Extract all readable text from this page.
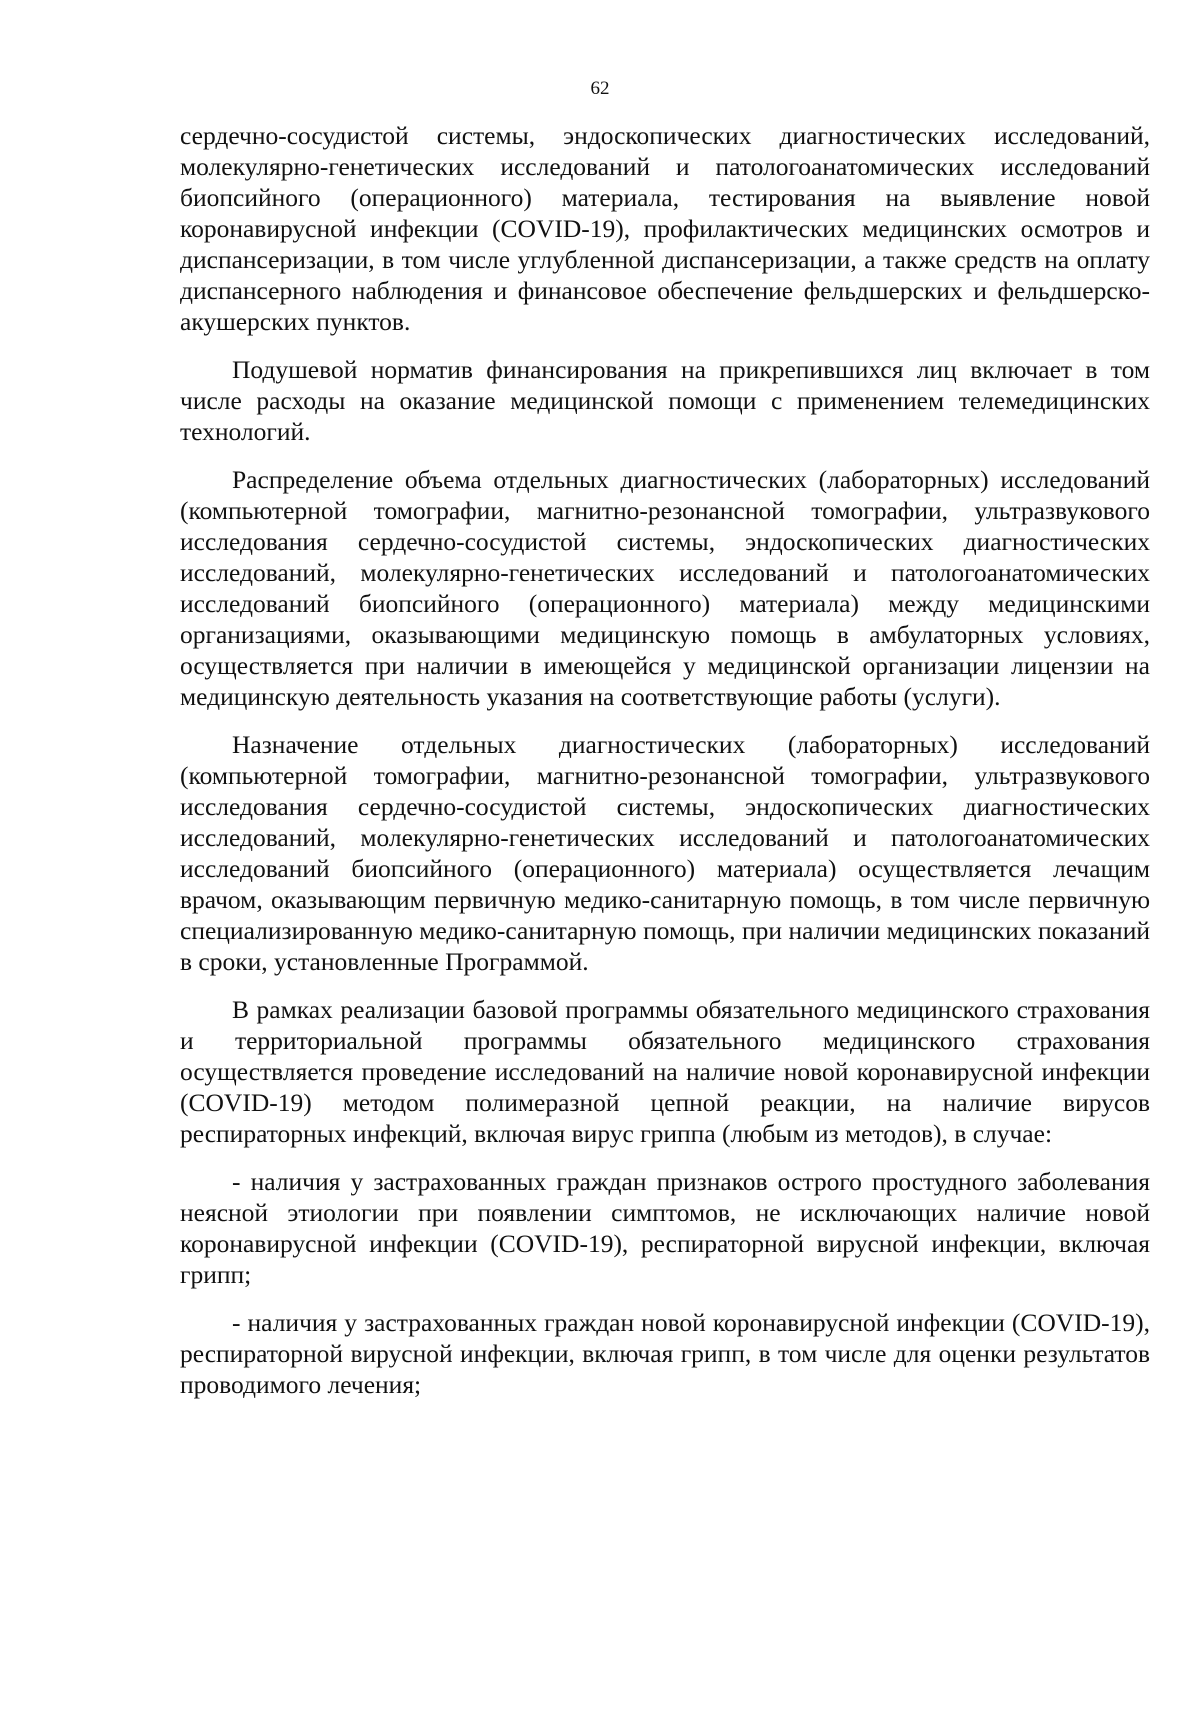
62

сердечно-сосудистой системы, эндоскопических диагностических исследований, молекулярно-генетических исследований и патологоанатомических исследований биопсийного (операционного) материала, тестирования на выявление новой коронавирусной инфекции (COVID-19), профилактических медицинских осмотров и диспансеризации, в том числе углубленной диспансеризации, а также средств на оплату диспансерного наблюдения и финансовое обеспечение фельдшерских и фельдшерско-акушерских пунктов.

Подушевой норматив финансирования на прикрепившихся лиц включает в том числе расходы на оказание медицинской помощи с применением телемедицинских технологий.

Распределение объема отдельных диагностических (лабораторных) исследований (компьютерной томографии, магнитно-резонансной томографии, ультразвукового исследования сердечно-сосудистой системы, эндоскопических диагностических исследований, молекулярно-генетических исследований и патологоанатомических исследований биопсийного (операционного) материала) между медицинскими организациями, оказывающими медицинскую помощь в амбулаторных условиях, осуществляется при наличии в имеющейся у медицинской организации лицензии на медицинскую деятельность указания на соответствующие работы (услуги).

Назначение отдельных диагностических (лабораторных) исследований (компьютерной томографии, магнитно-резонансной томографии, ультразвукового исследования сердечно-сосудистой системы, эндоскопических диагностических исследований, молекулярно-генетических исследований и патологоанатомических исследований биопсийного (операционного) материала) осуществляется лечащим врачом, оказывающим первичную медико-санитарную помощь, в том числе первичную специализированную медико-санитарную помощь, при наличии медицинских показаний в сроки, установленные Программой.

В рамках реализации базовой программы обязательного медицинского страхования и территориальной программы обязательного медицинского страхования осуществляется проведение исследований на наличие новой коронавирусной инфекции (COVID-19) методом полимеразной цепной реакции, на наличие вирусов респираторных инфекций, включая вирус гриппа (любым из методов), в случае:

- наличия у застрахованных граждан признаков острого простудного заболевания неясной этиологии при появлении симптомов, не исключающих наличие новой коронавирусной инфекции (COVID-19), респираторной вирусной инфекции, включая грипп;

- наличия у застрахованных граждан новой коронавирусной инфекции (COVID-19), респираторной вирусной инфекции, включая грипп, в том числе для оценки результатов проводимого лечения;
